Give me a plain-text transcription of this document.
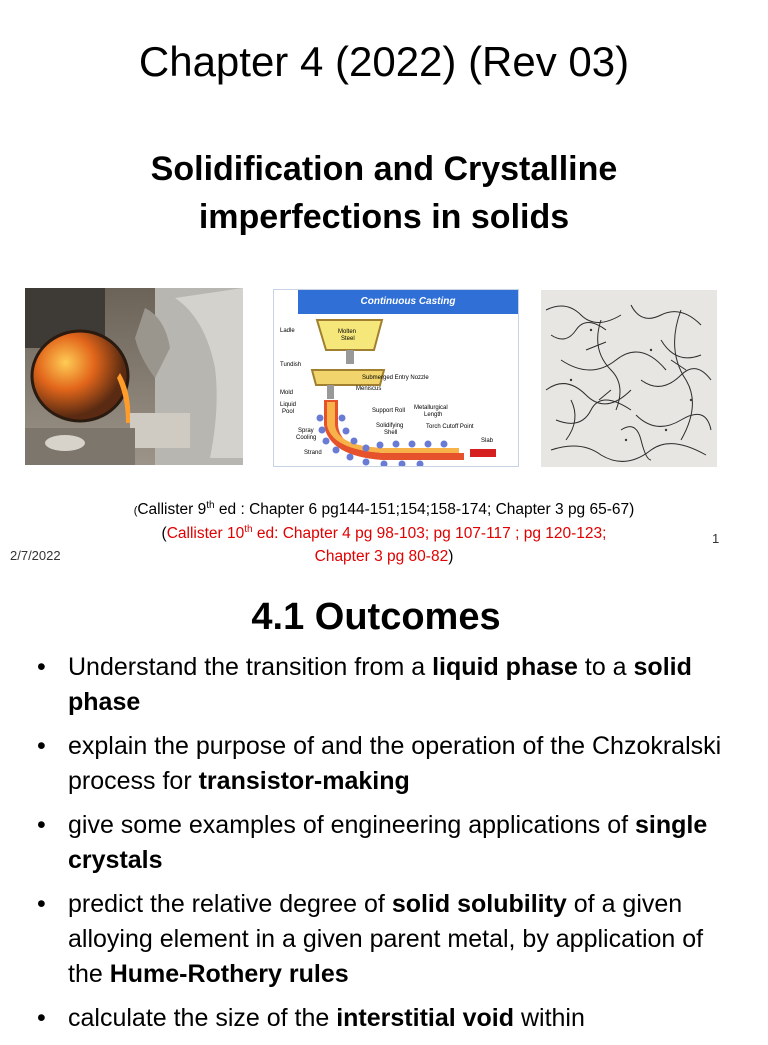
Chapter 4 (2022) (Rev 03)
Solidification and Crystalline
imperfections in solids
Continuous Casting
Ladle	Molten
Steel
Tundish
Submerged Entry Nozzle
Meniscus
Mold
Liquid
Pool	Support Roll Metallurgical
Length
Spray
Cooling
Solidifying
Shell
Torch Cutoff Point
Slab
Strand
(Callister 9th ed : Chapter 6 pg144-151;154;158-174; Chapter 3 pg 65-67)
(Callister 10th ed: Chapter 4 pg 98-103; pg 107-117 ; pg 120-123;
Chapter 3 pg 80-82)
2/7/2022
1
4.1 Outcomes
• Understand the transition from a liquid phase to a solid phase
• explain the purpose of and the operation of the Chzokralski process for transistor-making
• give some examples of engineering applications of single crystals
• predict the relative degree of solid solubility of a given alloying element in a given parent metal, by application of the Hume-Rothery rules
• calculate the size of the interstitial void within
